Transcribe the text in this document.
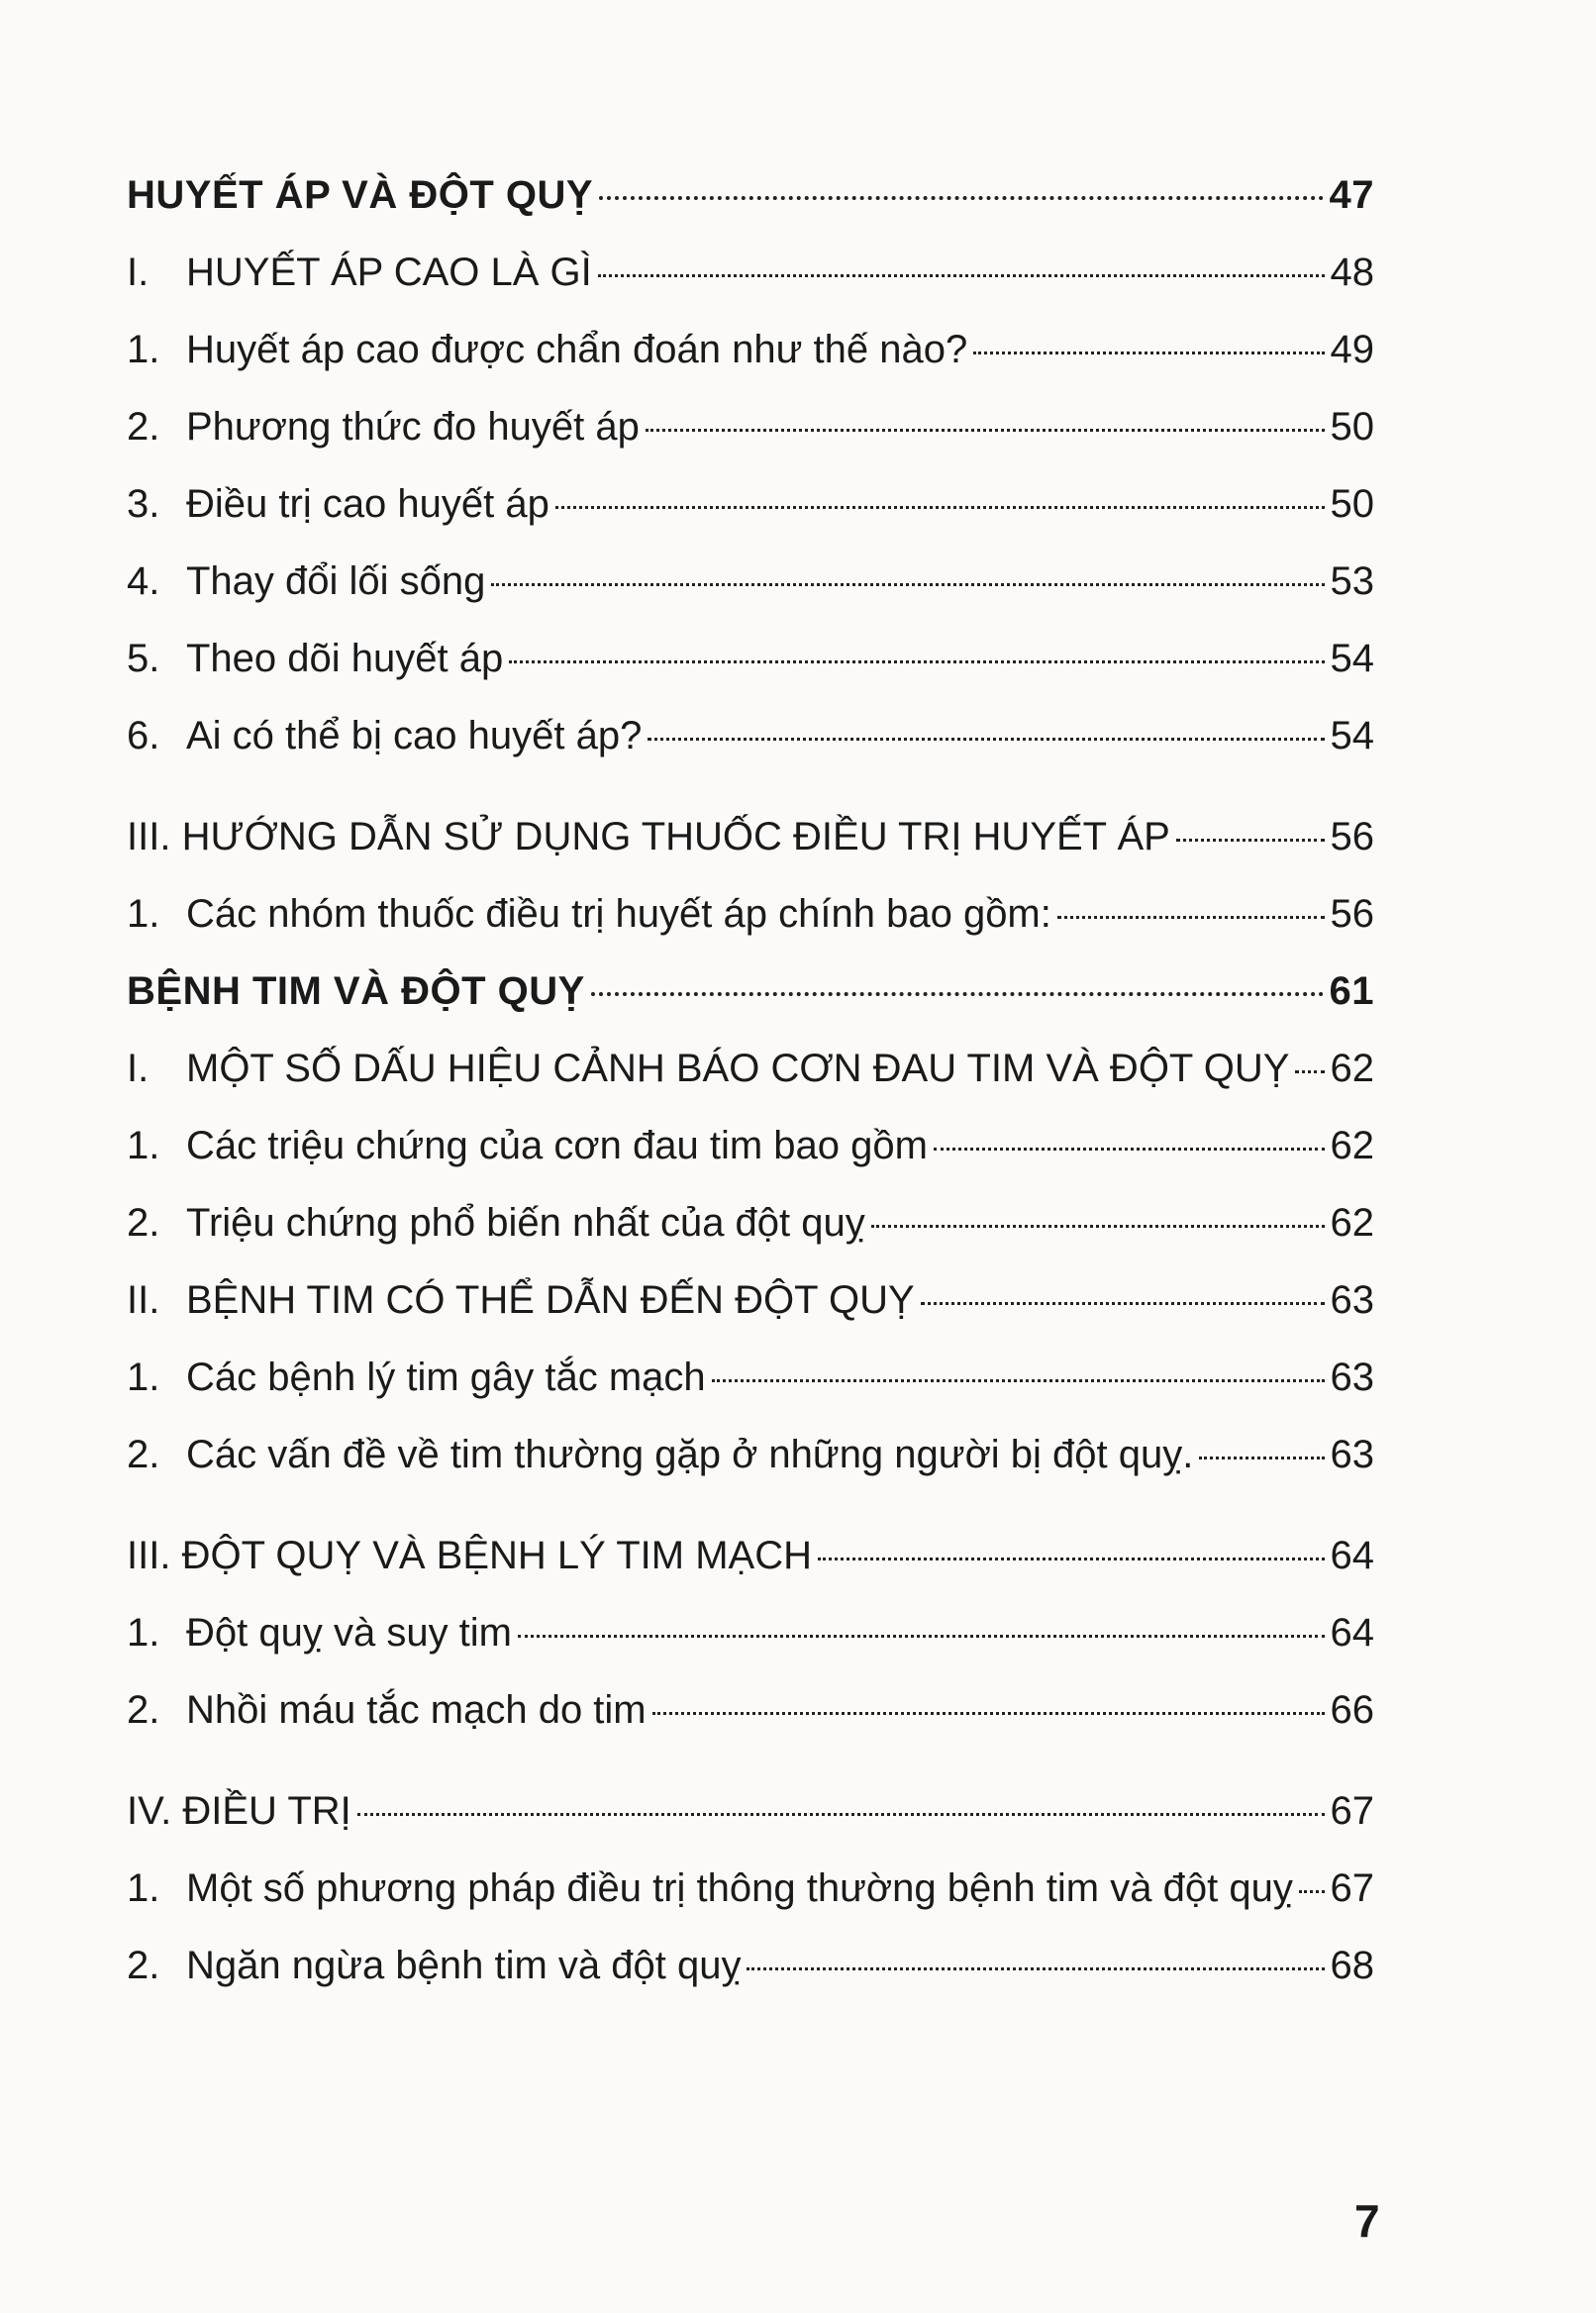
HUYẾT ÁP VÀ ĐỘT QUỴ	47
I. HUYẾT ÁP CAO LÀ GÌ	48
1. Huyết áp cao được chẩn đoán như thế nào?	49
2. Phương thức đo huyết áp	50
3. Điều trị cao huyết áp	50
4. Thay đổi lối sống	53
5. Theo dõi huyết áp	54
6. Ai có thể bị cao huyết áp?	54
III. HƯỚNG DẪN SỬ DỤNG THUỐC ĐIỀU TRỊ HUYẾT ÁP	56
1. Các nhóm thuốc điều trị huyết áp chính bao gồm:	56
BỆNH TIM VÀ ĐỘT QUỴ	61
I. MỘT SỐ DẤU HIỆU CẢNH BÁO CƠN ĐAU TIM VÀ ĐỘT QUỴ 62
1. Các triệu chứng của cơn đau tim bao gồm	62
2. Triệu chứng phổ biến nhất của đột quỵ	62
II. BỆNH TIM CÓ THỂ DẪN ĐẾN ĐỘT QUỴ	63
1. Các bệnh lý tim gây tắc mạch	63
2. Các vấn đề về tim thường gặp ở những người bị đột quỵ.	63
III. ĐỘT QUỴ VÀ BỆNH LÝ TIM MẠCH	64
1. Đột quỵ và suy tim	64
2. Nhồi máu tắc mạch do tim	66
IV. ĐIỀU TRỊ	67
1. Một số phương pháp điều trị thông thường bệnh tim và đột quỵ 67
2. Ngăn ngừa bệnh tim và đột quỵ	68
7
